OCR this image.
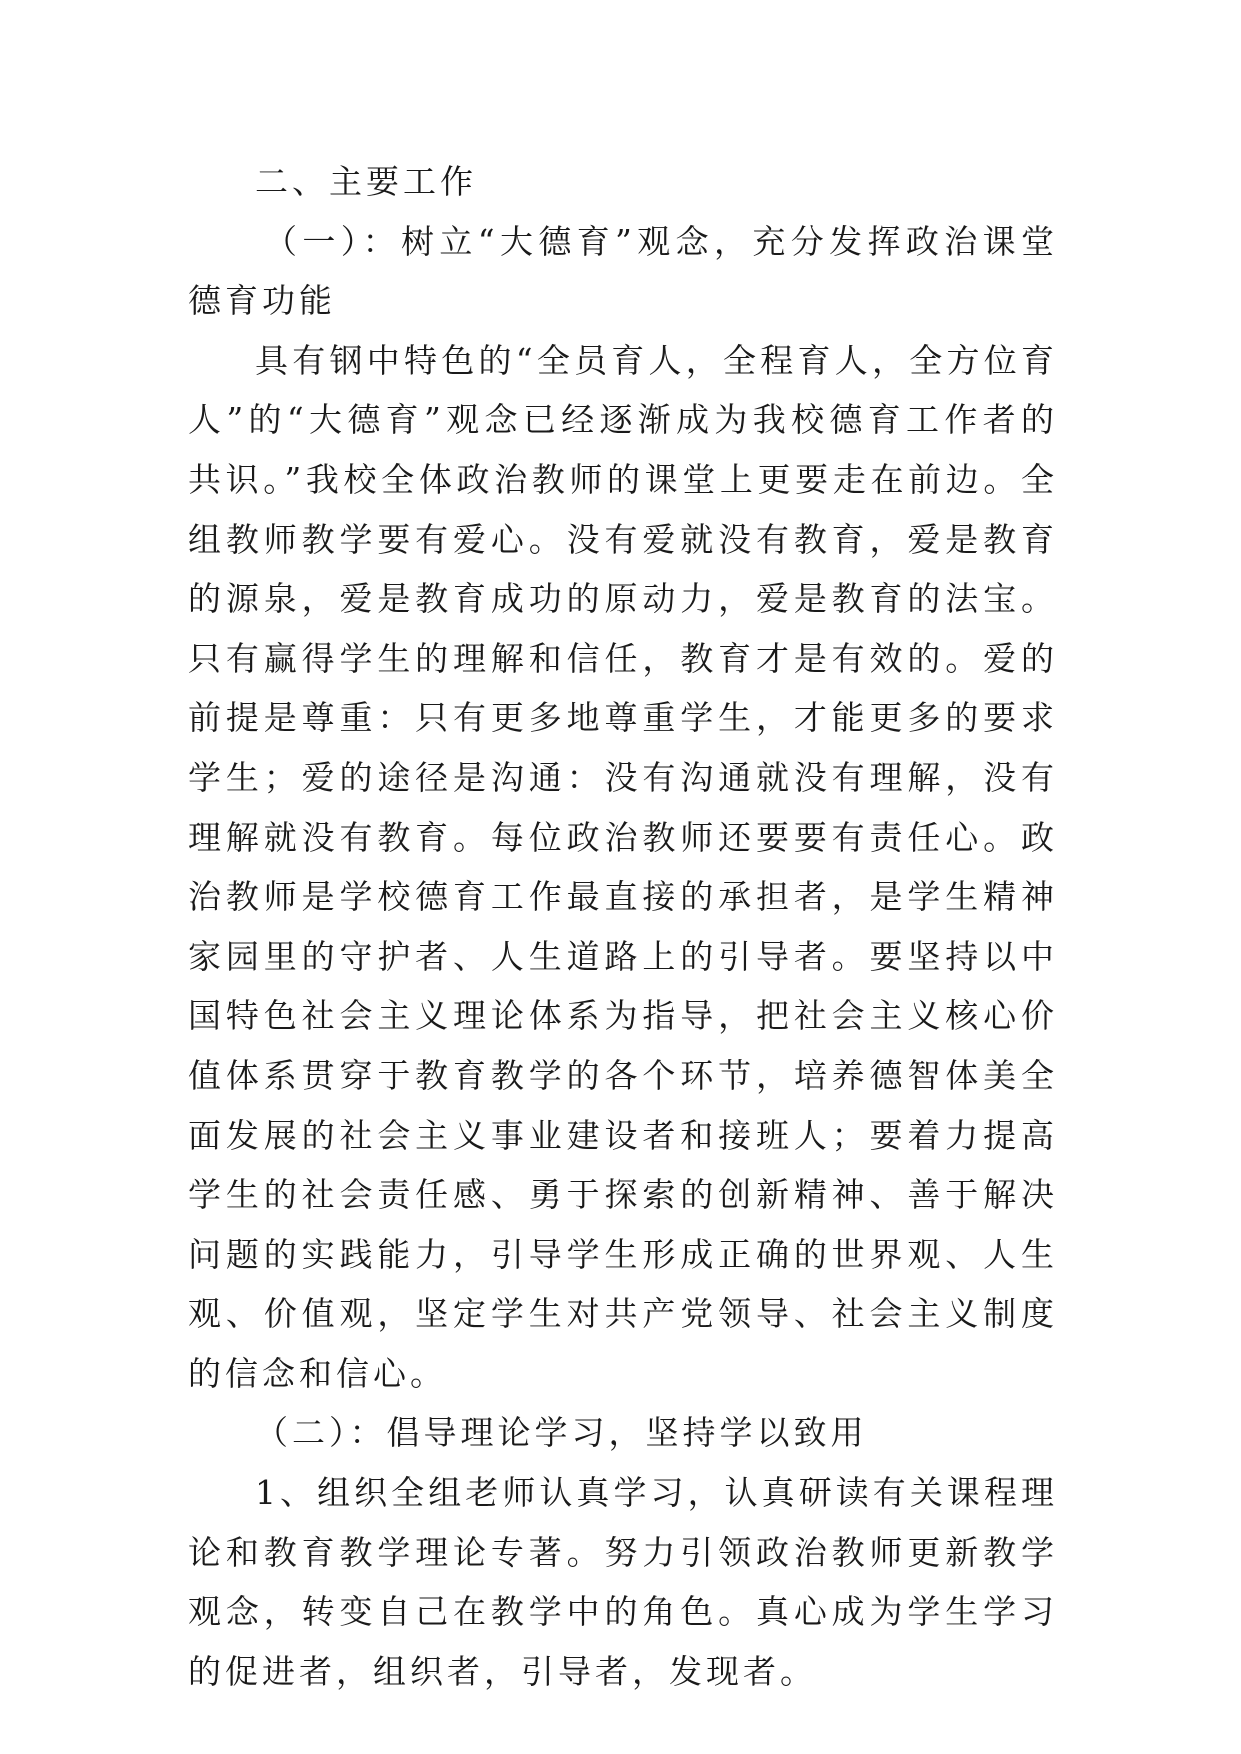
二、主要工作

（一）：树立“大德育”观念，充分发挥政治课堂德育功能

具有钢中特色的“全员育人，全程育人，全方位育人”的“大德育”观念已经逐渐成为我校德育工作者的共识。”我校全体政治教师的课堂上更要走在前边。全组教师教学要有爱心。没有爱就没有教育，爱是教育的源泉，爱是教育成功的原动力，爱是教育的法宝。只有赢得学生的理解和信任，教育才是有效的。爱的前提是尊重：只有更多地尊重学生，才能更多的要求学生；爱的途径是沟通：没有沟通就没有理解，没有理解就没有教育。每位政治教师还要要有责任心。政治教师是学校德育工作最直接的承担者，是学生精神家园里的守护者、人生道路上的引导者。要坚持以中国特色社会主义理论体系为指导，把社会主义核心价值体系贯穿于教育教学的各个环节，培养德智体美全面发展的社会主义事业建设者和接班人；要着力提高学生的社会责任感、勇于探索的创新精神、善于解决问题的实践能力，引导学生形成正确的世界观、人生观、价值观，坚定学生对共产党领导、社会主义制度的信念和信心。

（二）：倡导理论学习，坚持学以致用

1、组织全组老师认真学习，认真研读有关课程理论和教育教学理论专著。努力引领政治教师更新教学观念，转变自己在教学中的角色。真心成为学生学习的促进者，组织者，引导者，发现者。
